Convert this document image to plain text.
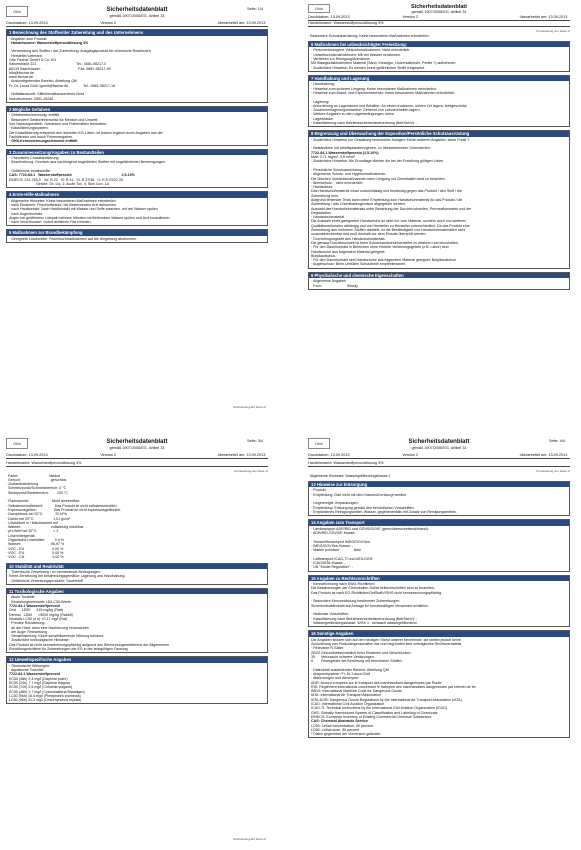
Otto	Seite: 1/4
Sicherheitsdatenblatt
gemäß 1907/2006/EG, Artikel 31
Druckdatum: 13.09.2013	Version 2	überarbeitet am: 13.09.2013
1 Bezeichnung des Stoffes/der Zubereitung und des Unternehmens
· Angaben zum Produkt
· Handelsname: Wasserstoffperoxidlösung 3%

· Verwendung des Stoffes / der Zubereitung: Ausgangsprodukt für chemische Reaktionen
· Hersteller/Lieferant:
Otto Fischar GmbH & Co. KG
Kaiserstraße 221                                        Tel.: 0681-98217-0
66133 Saarbrücken                                      Fax: 0681-98217-99
info@fischar.de
www.fischar.de
· Auskunftgebender Bereich: Abteilung QM
Fr. Dr. Laura Gödi, lgoedi@fischar.de               Tel.: 0681-98217-16

· Notfallauskunft: Giftinformationszentrum-Nord
Notrufnummer: 0551-19240
2 Mögliche Gefahren
· Gefahrenbezeichnung: entfällt
· Besondere Gefahrenhinweise für Mensch und Umwelt:
Von Nahrungsmitteln, Getränken und Futtermitteln fernhalten.
· Klassifizierungssystem:
Die Klassifizierung entspricht den aktuellen EG-Listen, ist jedoch ergänzt durch Angaben aus der
Fachliteratur und durch Firmenangaben.
· GHS-Kennzeichnungselemente entfällt
3 Zusammensetzung/Angaben zu Bestandteilen
· Chemische Charakterisierung
· Beschreibung: Gemisch aus nachfolgend angeführten Stoffen mit ungefährlichen Beimengungen.

· Gefährliche Inhaltsstoffe:
CAS: 7722-84-1   Wasserstoffperoxid                                                  2,5-10%
EINECS: 231-765-0   Xn; R 22   Xi; R 41   Xi; R 37/38   O; R 8 20/22-35
Gefahr: Ox. Liq. 1; Acute Tox. 4; Skin Corr. 1A
4 Erste-Hilfe-Maßnahmen
· Allgemeine Hinweise: Keine besonderen Maßnahmen erforderlich.
· nach Einatmen: Frischluftzufuhr, bei Beschwerden Arzt aufsuchen.
· nach Hautkontakt: Nach Hautkontakt mit Wasser und Seife waschen, mit viel Wasser spülen
· nach Augenkontakt:
Augen bei geöffnetem Lidspalt mehrere Minuten mit fließendem Wasser spülen und Arzt konsultieren.
· nach Verschlucken: Sofort ärztlichen Rat einholen.
5 Maßnahmen zur Brandbekämpfung
· Geeignete Löschmittel: Feuerlöschmaßnahmen auf die Umgebung abstimmen.
(Fortsetzung auf Seite 2)
Otto	Sicherheitsdatenblatt
gemäß 1907/2006/EG, Artikel 31
Druckdatum: 13.09.2013	Version 2	überarbeitet am: 13.09.2013
Handelsname: Wasserstoffperoxidlösung 3%
(Fortsetzung von Seite 1)
· Besondere Schutzausrüstung: Keine besonderen Maßnahmen erforderlich.
6 Maßnahmen bei unbeabsichtigter Freisetzung:
· Personenbezogene Vorsichtsmaßnahmen: Nicht erforderlich.
· Umweltschutzmaßnahmen: Mit viel Wasser verdünnen.
· Verfahren zur Reinigung/Aufnahme:
Mit flüssigkeitsbindendem Material (Sand, Kieselgur, Universalbinder, Perlite ?) aufnehmen.
· Zusätzliche Hinweise: Es werden keine gefährlichen Stoffe freigesetzt.
7 Handhabung und Lagerung
· Handhabung:
· Hinweise zum sicheren Umgang: Keine besonderen Maßnahmen erforderlich.
· Hinweise zum Brand- und Explosionsschutz: Keine besonderen Maßnahmen erforderlich.

· Lagerung:
· Anforderung an Lagerräume und Behälter: An einem trockenen, kühlen Ort lagern; lichtgeschützt
· Zusammenlagerungshinweise: Getrennt von Laboreinheiten lagern.
· Weitere Angaben zu den Lagerbedingungen: keine
· Lagerklasse:
· Klassifizierung nach Betriebssicherheitsverordnung (BetrSichV): -
8 Begrenzung und Überwachung der Exposition/Persönliche Schutzausrüstung
· Zusätzliche Hinweise zur Gestaltung technischer Anlagen: Keine weiteren Angaben, siehe Punkt 7.

· Bestandteile mit arbeitsplatzbezogenen, zu überwachenden Grenzwerten:
7722-84-1 Wasserstoffperoxid (2,5-10%)
MAK 0,71 mg/m³, 0,5 ml/m³
· Zusätzliche Hinweise: Als Grundlage dienten die bei der Erstellung gültigen Listen.

· Persönliche Schutzausrüstung:
· Allgemeine Schutz- und Hygienemaßnahmen:
Die üblichen Vorsichtsmaßnahmen beim Umgang mit Chemikalien sind zu beachten.
· Atemschutz:   nicht erforderlich.
· Handschutz:
Das Handschuhmaterial muss undurchlässig und beständig gegen das Produkt / den Stoff / die
Zubereitung sein.
Aufgrund fehlender Tests kann keine Empfehlung zum Handschuhmaterial für das Produkt / die
Zubereitung / das Chemikaliengemisch abgegeben werden.
Auswahl des Handschuhmaterials unter Beachtung der Durchbruchzeiten, Permeationsraten und der
Degradation.
· Handschuhmaterial
Die Auswahl eines geeigneten Handschuhs ist nicht nur vom Material, sondern auch von weiteren
Qualitätsmerkmalen abhängig und von Hersteller zu Hersteller unterschiedlich. Da das Produkt eine
Zubereitung aus mehreren Stoffen darstellt, ist die Beständigkeit von Handschuhmaterialien nicht
vorausberechenbar und muß deshalb vor dem Einsatz überprüft werden.
· Durchdringungszeit des Handschuhmaterials
Die genaue Durchbruchzeit ist beim Schutzhandschuhhersteller zu erfahren und einzuhalten.
· Für den Dauerkontakt in Bereichen ohne erhöhte Verletzungsgefahr (z.B. Labor) sind
Handschuhe aus folgendem Material geeignet:
Butylkautschuk
· Für den Dauerkontakt sind Handschuhe aus folgendem Material geeignet: Butylkautschuk
· Augenschutz: Beim Umfüllen Schutzbrille empfehlenswert.
9 Physikalische und chemische Eigenschaften
· Allgemeine Angaben
Form:                         flüssig
Otto	Seite: 3/4
Sicherheitsdatenblatt
gemäß 1907/2006/EG, Artikel 31
Druckdatum: 13.09.2013	Version 2	überarbeitet am: 13.09.2013
Handelsname: Wasserstoffperoxidlösung 3%
(Fortsetzung von Seite 1)
Farbe:                               farblos
Geruch:                              geruchlos
· Zustandsänderung
Schmelzpunkt/Schmelzbereich: 0 °C
Siedepunkt/Siedebereich:        100 °C

· Flammpunkt:                       Nicht anwendbar.
· Selbstentzündlichkeit:            Das Produkt ist nicht selbstentzündlich.
· Explosionsgefahr:                 Das Produkt ist nicht explosionsgefährlich.
· Dampfdruck bei 20°C:            20 hPa
· Dichte bei 20°C:                   1,01 g/cm³
· Löslichkeit in / Mischbarkeit mit
Wasser:                              vollständig mischbar
· pH-Wert bei 20°C:                < 3
· Lösemittelgehalt:
Organische Lösemittel:          0,0 %
Wasser:                              96,97 %
· VOC - EU                            0,00 %
· VOC - EU                            0,00 %
· VOC - CH                            0,00 %
10 Stabilität und Reaktivität
· Thermische Zersetzung / zu vermeidende Bedingungen:
Keine Zersetzung bei bestimmungsgemäßer Lagerung und Handhabung.
· Gefährliche Zersetzungsprodukte: Sauerstoff
11 Toxikologische Angaben
· Akute Toxizität:
· Einstufungsrelevante LD/LC50-Werte:
7722-84-1 Wasserstoffperoxid
Oral      LD50      415 mg/kg (Ratt)
Dermal   LD50      >5000 mg/kg (Rabbit)
Inhalativ LC50 (4 h) >0,17 mg/l (Rat)
· Primäre Reizwirkung:
· an der Haut: kann eine Hautreizung verursachen
· am Auge: Reizwirkung
· Sensibilisierung: Keine sensibilisierende Wirkung bekannt.
· Zusätzliche toxikologische Hinweise:
Das Produkt ist nicht kennzeichnungspflichtig aufgrund des Berechnungsverfahrens der Allgemeinen
Einstufungsrichtlinie für Zubereitungen der EG in der letztgültigen Fassung.
12 Umweltspezifische Angaben
· Ökotoxische Wirkungen:
· Aquatische Toxizität:
7722-84-1 Wasserstoffperoxid
EC50 (48h) 2,4 mg/l (Daphnia pulex)
EC50 (24h) 7,7 mg/l (Daphnia magna)
EC50 (72h) 2,5 mg/l (Chlorella vulgaris)
EC50 (48h) 1,7 mg/l (Cyanobakteria Blaualgen)
LC50 (96h) 16,4 mg/l (Pimephales promelas)
LC50 (96h) 31,3 mg/l (Oncorhynchus mykiss)
(Fortsetzung auf Seite 2)
Otto	Seite: 4/4
Sicherheitsdatenblatt
gemäß 1907/2006/EG, Artikel 31
Druckdatum: 13.09.2013	Version 2	überarbeitet am: 13.09.2013
Handelsname: Wasserstoffperoxidlösung 3%
(Fortsetzung von Seite 1)
· Allgemeine Hinweise: Wassergefährdungsklasse 1
13 Hinweise zur Entsorgung
· Produkt:
· Empfehlung: Darf nicht mit dem Hausmüll entsorgt werden

· Ungereinigte Verpackungen:
· Empfehlung: Entsorgung gemäß den behördlichen Vorschriften.
· Empfohlenes Reinigungsmittel: Wasser, gegebenenfalls mit Zusatz von Reinigungsmitteln.
14 Angaben zum Transport
· Landtransport ADR/RID und GGVS/GGVE (grenzüberschreitend/Inland):
· ADR/RID-GGVS/E Klasse: -

· Seeschiffstransport IMDG/GGVSee:
· IMDG/GGVSee-Klasse: -
· Marine pollutant:              Nein

· Lufttransport ICAO-TI und IATA-DGR:
· ICAO/IATA-Klasse: -
· UN "Model Regulation": -
15 Angaben zu Rechtsvorschriften
· Kennzeichnung nach EWG-Richtlinien:
Die Bestimmungen der Chemikalien-Sicherheitsvorschriften sind zu beachten.
Das Produkt ist nach EG-Richtlinien/GefStoffV/GHS nicht kennzeichnungspflichtig.

· Besondere Kennzeichnung bestimmter Zubereitungen:
Sicherheitsdatenblatt auf Anfrage für berufsmäßigen Verwender erhältlich.

· Nationale Vorschriften:
· Klassifizierung nach Betriebssicherheitsverordnung (BetrSichV): -
· Wassergefährdungsklasse: WGK 1 : schwach wassergefährdend.
16 Sonstige Angaben
Die Angaben stützen sich auf den heutigen Stand unserer Kenntnisse, sie stellen jedoch keine
Zusicherung von Produkteigenschaften dar und begründen kein vertragliches Rechtsverhältnis.
· Relevante R-Sätze
20/22 Gesundheitsschädlich beim Einatmen und Verschlucken.
35      Verursacht schwere Verätzungen.
8        Feuergefahr bei Berührung mit brennbaren Stoffen.

· Datenblatt ausstellender Bereich: Abteilung QM
· Ansprechpartner: Fr. Dr. Laura Gödi
· Abkürzungen und Akronyme:
ADR: Accord européen sur le transport des marchandises dangereuses par Route
RID: Règlement international concernant le transport des marchandises dangereuses par chemin de fer
IMDG: International Maritime Code for Dangerous Goods
IATA: International Air Transport Association
IATA-DGR: Dangerous Goods Regulations by the International Air Transport Association (IATA)
ICAO: International Civil Aviation Organization
ICAO-TI: Technical Instructions by the International Civil Aviation Organization (ICAO)
GHS: Globally Harmonized System of Classification and Labelling of Chemicals
EINECS: European Inventory of Existing Commercial Chemical Substances
CAS: Chemical Abstracts Service
LC50: Lethal concentration, 50 percent
LD50: Lethal dose, 50 percent
* Daten gegenüber der Vorversion geändert
